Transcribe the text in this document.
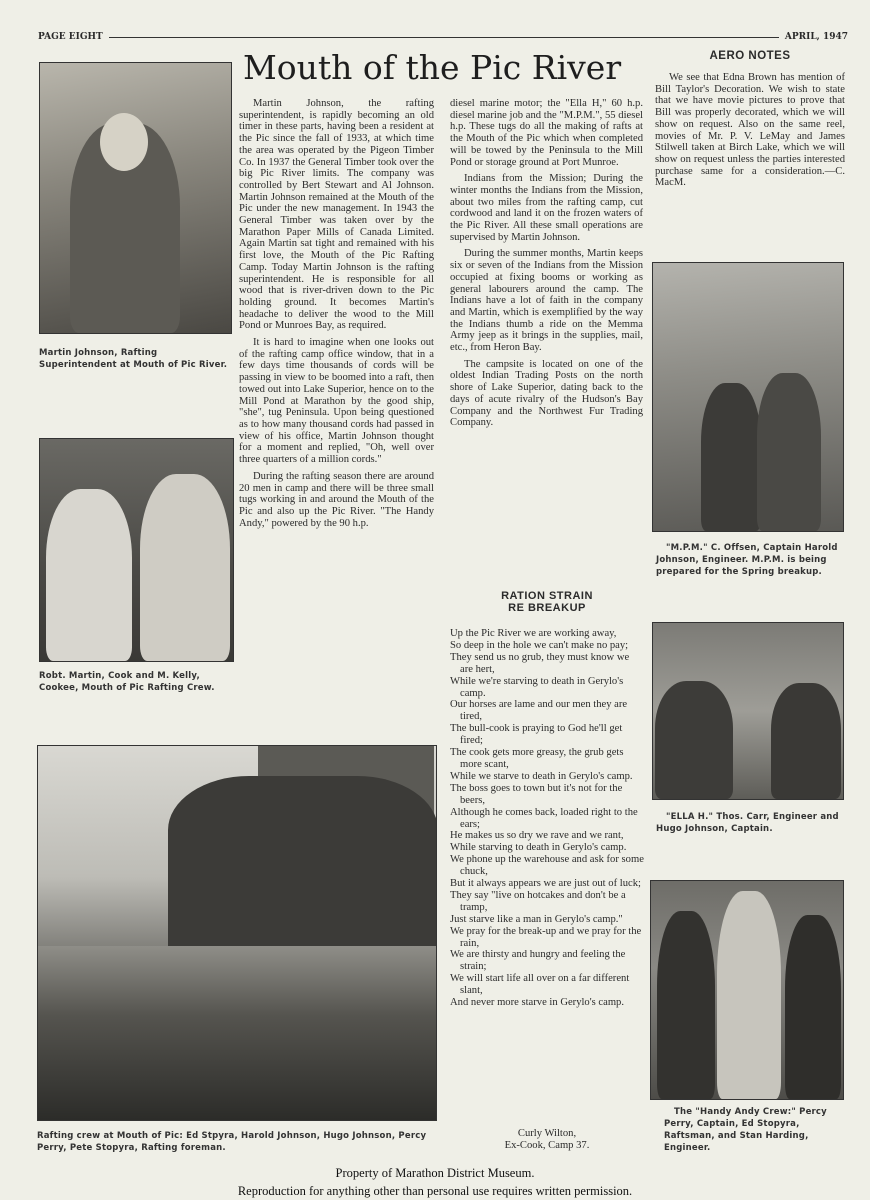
PAGE EIGHT	APRIL, 1947
Martin Johnson, Rafting Superintendent at Mouth of Pic River.
Robt. Martin, Cook and M. Kelly, Cookee, Mouth of Pic Rafting Crew.
Rafting crew at Mouth of Pic: Ed Stpyra, Harold Johnson, Hugo Johnson, Percy Perry, Pete Stopyra, Rafting foreman.
Mouth of the Pic River

Martin Johnson, the rafting superintendent, is rapidly becoming an old timer in these parts, having been a resident at the Pic since the fall of 1933, at which time the area was operated by the Pigeon Timber Co. In 1937 the General Timber took over the big Pic River limits. The company was controlled by Bert Stewart and Al Johnson. Martin Johnson remained at the Mouth of the Pic under the new management. In 1943 the General Timber was taken over by the Marathon Paper Mills of Canada Limited. Again Martin sat tight and remained with his first love, the Mouth of the Pic Rafting Camp. Today Martin Johnson is the rafting superintendent. He is responsible for all wood that is river-driven down to the Pic holding ground. It becomes Martin's headache to deliver the wood to the Mill Pond or Munroes Bay, as required.

It is hard to imagine when one looks out of the rafting camp office window, that in a few days time thousands of cords will be passing in view to be boomed into a raft, then towed out into Lake Superior, hence on to the Mill Pond at Marathon by the good ship, "she", tug Peninsula. Upon being questioned as to how many thousand cords had passed in view of his office, Martin Johnson thought for a moment and replied, "Oh, well over three quarters of a million cords."

During the rafting season there are around 20 men in camp and there will be three small tugs working in and around the Mouth of the Pic and also up the Pic River. "The Handy Andy," powered by the 90 h.p.

diesel marine motor; the "Ella H," 60 h.p. diesel marine job and the "M.P.M.", 55 diesel h.p. These tugs do all the making of rafts at the Mouth of the Pic which when completed will be towed by the Peninsula to the Mill Pond or storage ground at Port Munroe.

Indians from the Mission; During the winter months the Indians from the Mission, about two miles from the rafting camp, cut cordwood and land it on the frozen waters of the Pic River. All these small operations are supervised by Martin Johnson.

During the summer months, Martin keeps six or seven of the Indians from the Mission occupied at fixing booms or working as general labourers around the camp. The Indians have a lot of faith in the company and Martin, which is exemplified by the way the Indians thumb a ride on the Memma Army jeep as it brings in the supplies, mail, etc., from Heron Bay.

The campsite is located on one of the oldest Indian Trading Posts on the north shore of Lake Superior, dating back to the days of acute rivalry of the Hudson's Bay Company and the Northwest Fur Trading Company.

RATION STRAIN
RE BREAKUP
Up the Pic River we are working away,
So deep in the hole we can't make no pay;
They send us no grub, they must know we are hert,
While we're starving to death in Gerylo's camp.
Our horses are lame and our men they are tired,
The bull-cook is praying to God he'll get fired;
The cook gets more greasy, the grub gets more scant,
While we starve to death in Gerylo's camp.
The boss goes to town but it's not for the beers,
Although he comes back, loaded right to the ears;
He makes us so dry we rave and we rant,
While starving to death in Gerylo's camp.
We phone up the warehouse and ask for some chuck,
But it always appears we are just out of luck;
They say "live on hotcakes and don't be a tramp,
Just starve like a man in Gerylo's camp."
We pray for the break-up and we pray for the rain,
We are thirsty and hungry and feeling the strain;
We will start life all over on a far different slant,
And never more starve in Gerylo's camp.
Curly Wilton,
Ex-Cook, Camp 37.
AERO NOTES

We see that Edna Brown has mention of Bill Taylor's Decoration. We wish to state that we have movie pictures to prove that Bill was properly decorated, which we will show on request. Also on the same reel, movies of Mr. P. V. LeMay and James Stilwell taken at Birch Lake, which we will show on request unless the parties interested purchase same for a consideration.—C. MacM.

"M.P.M." C. Offsen, Captain Harold Johnson, Engineer. M.P.M. is being prepared for the Spring breakup.
"ELLA H." Thos. Carr, Engineer and Hugo Johnson, Captain.
The "Handy Andy Crew:" Percy Perry, Captain, Ed Stopyra, Raftsman, and Stan Harding, Engineer.
Property of Marathon District Museum.
Reproduction for anything other than personal use requires written permission.
